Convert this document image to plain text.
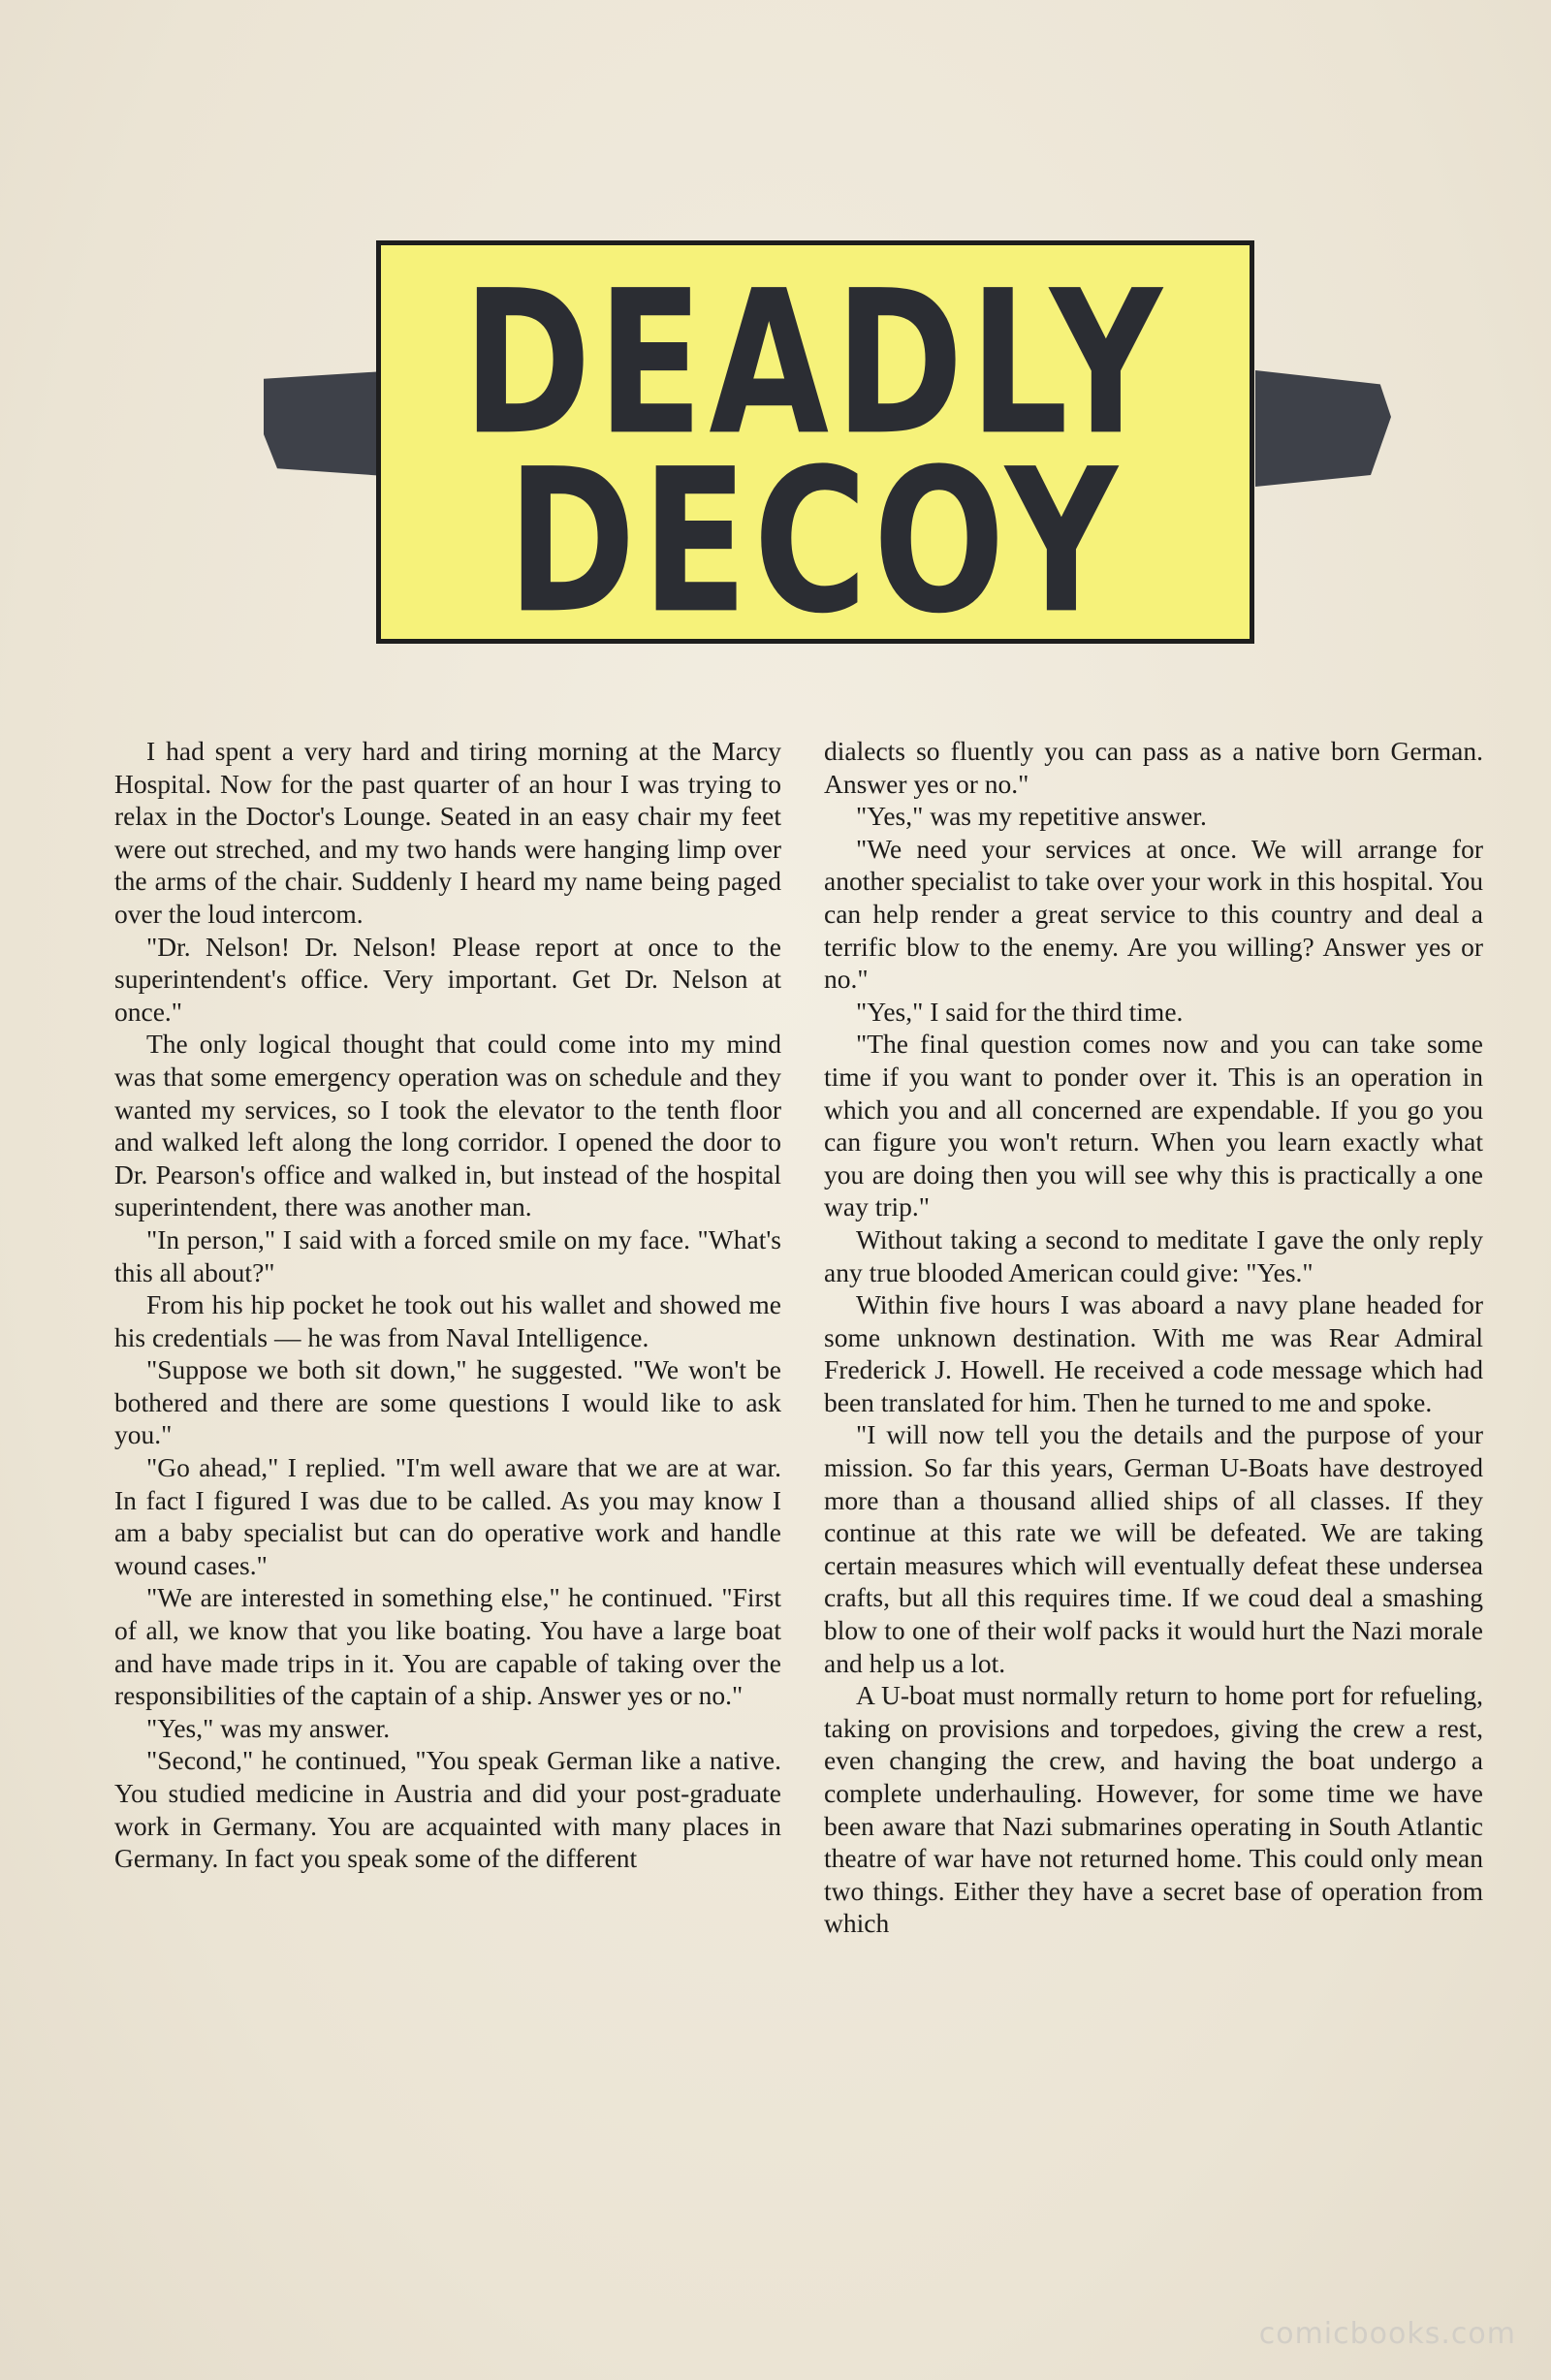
DEADLY
DECOY

I had spent a very hard and tiring morning at the Marcy Hospital. Now for the past quarter of an hour I was trying to relax in the Doctor's Lounge. Seated in an easy chair my feet were out streched, and my two hands were hanging limp over the arms of the chair. Suddenly I heard my name being paged over the loud intercom.

"Dr. Nelson! Dr. Nelson! Please report at once to the superintendent's office. Very important. Get Dr. Nelson at once."

The only logical thought that could come into my mind was that some emergency operation was on schedule and they wanted my services, so I took the elevator to the tenth floor and walked left along the long corridor. I opened the door to Dr. Pearson's office and walked in, but instead of the hospital superintendent, there was another man.

"In person," I said with a forced smile on my face. "What's this all about?"

From his hip pocket he took out his wallet and showed me his credentials — he was from Naval Intelligence.

"Suppose we both sit down," he suggested. "We won't be bothered and there are some questions I would like to ask you."

"Go ahead," I replied. "I'm well aware that we are at war. In fact I figured I was due to be called. As you may know I am a baby specialist but can do operative work and handle wound cases."

"We are interested in something else," he continued. "First of all, we know that you like boating. You have a large boat and have made trips in it. You are capable of taking over the responsibilities of the captain of a ship. Answer yes or no."

"Yes," was my answer.

"Second," he continued, "You speak German like a native. You studied medicine in Austria and did your post-graduate work in Germany. You are acquainted with many places in Germany. In fact you speak some of the different

dialects so fluently you can pass as a native born German. Answer yes or no."

"Yes," was my repetitive answer.

"We need your services at once. We will arrange for another specialist to take over your work in this hospital. You can help render a great service to this country and deal a terrific blow to the enemy. Are you willing? Answer yes or no."

"Yes," I said for the third time.

"The final question comes now and you can take some time if you want to ponder over it. This is an operation in which you and all concerned are expendable. If you go you can figure you won't return. When you learn exactly what you are doing then you will see why this is practically a one way trip."

Without taking a second to meditate I gave the only reply any true blooded American could give: "Yes."

Within five hours I was aboard a navy plane headed for some unknown destination. With me was Rear Admiral Frederick J. Howell. He received a code message which had been translated for him. Then he turned to me and spoke.

"I will now tell you the details and the purpose of your mission. So far this years, German U-Boats have destroyed more than a thousand allied ships of all classes. If they continue at this rate we will be defeated. We are taking certain measures which will eventually defeat these undersea crafts, but all this requires time. If we coud deal a smashing blow to one of their wolf packs it would hurt the Nazi morale and help us a lot.

A U-boat must normally return to home port for refueling, taking on provisions and torpedoes, giving the crew a rest, even changing the crew, and having the boat undergo a complete underhauling. However, for some time we have been aware that Nazi submarines operating in South Atlantic theatre of war have not returned home. This could only mean two things. Either they have a secret base of operation from which

comicbooks.com
